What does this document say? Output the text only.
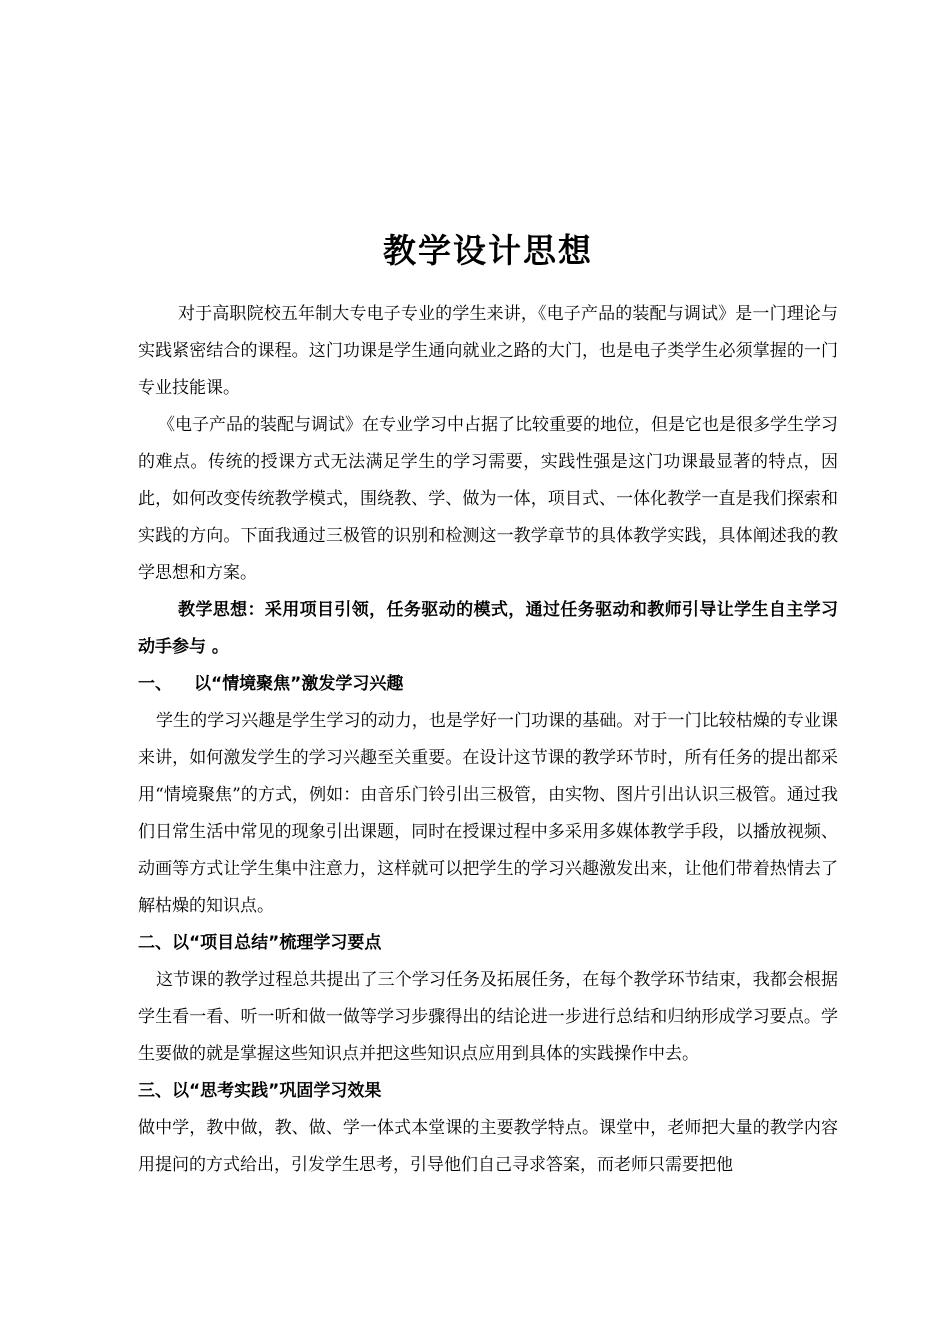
教学设计思想

对于高职院校五年制大专电子专业的学生来讲，《电子产品的装配与调试》是一门理论与实践紧密结合的课程。这门功课是学生通向就业之路的大门，也是电子类学生必须掌握的一门专业技能课。

《电子产品的装配与调试》在专业学习中占据了比较重要的地位，但是它也是很多学生学习的难点。传统的授课方式无法满足学生的学习需要，实践性强是这门功课最显著的特点，因此，如何改变传统教学模式，围绕教、学、做为一体，项目式、一体化教学一直是我们探索和实践的方向。下面我通过三极管的识别和检测这一教学章节的具体教学实践，具体阐述我的教学思想和方案。

教学思想：采用项目引领，任务驱动的模式，通过任务驱动和教师引导让学生自主学习动手参与 。

一、 以“情境聚焦”激发学习兴趣

学生的学习兴趣是学生学习的动力，也是学好一门功课的基础。对于一门比较枯燥的专业课来讲，如何激发学生的学习兴趣至关重要。在设计这节课的教学环节时，所有任务的提出都采用“情境聚焦”的方式，例如：由音乐门铃引出三极管，由实物、图片引出认识三极管。通过我们日常生活中常见的现象引出课题，同时在授课过程中多采用多媒体教学手段，以播放视频、动画等方式让学生集中注意力，这样就可以把学生的学习兴趣激发出来，让他们带着热情去了解枯燥的知识点。

二、以“项目总结”梳理学习要点

这节课的教学过程总共提出了三个学习任务及拓展任务，在每个教学环节结束，我都会根据学生看一看、听一听和做一做等学习步骤得出的结论进一步进行总结和归纳形成学习要点。学生要做的就是掌握这些知识点并把这些知识点应用到具体的实践操作中去。

三、以“思考实践”巩固学习效果

做中学，教中做，教、做、学一体式本堂课的主要教学特点。课堂中，老师把大量的教学内容用提问的方式给出，引发学生思考，引导他们自己寻求答案，而老师只需要把他
